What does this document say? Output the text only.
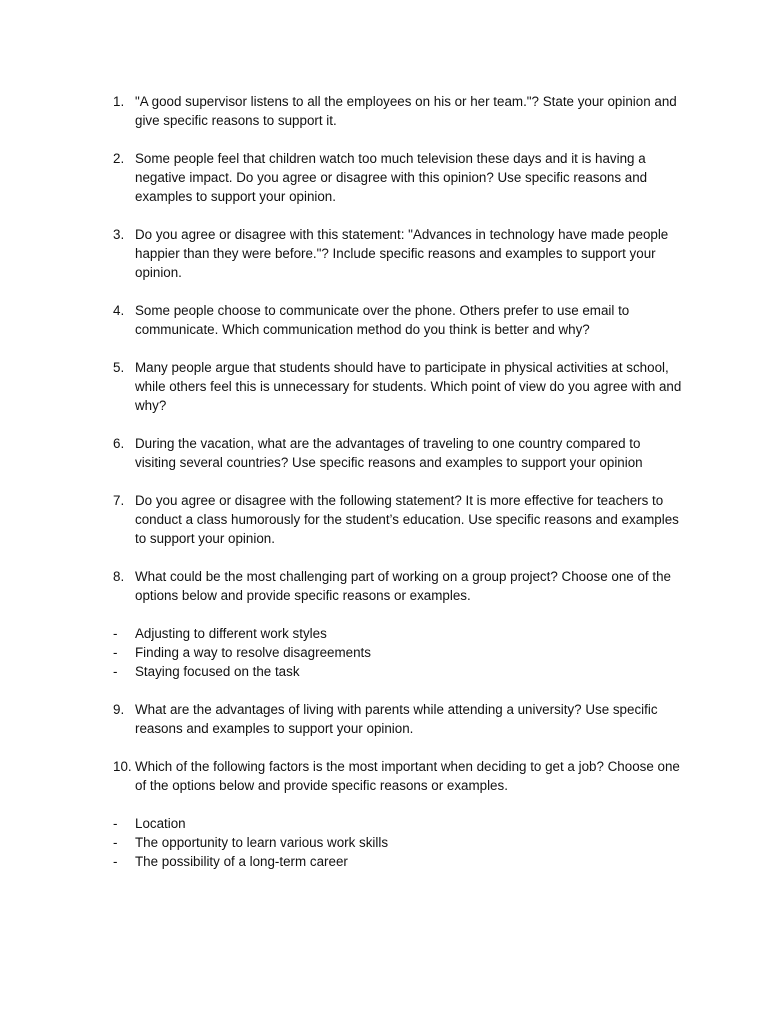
1. "A good supervisor listens to all the employees on his or her team."? State your opinion and give specific reasons to support it.
2. Some people feel that children watch too much television these days and it is having a negative impact. Do you agree or disagree with this opinion? Use specific reasons and examples to support your opinion.
3. Do you agree or disagree with this statement: "Advances in technology have made people happier than they were before."? Include specific reasons and examples to support your opinion.
4. Some people choose to communicate over the phone. Others prefer to use email to communicate. Which communication method do you think is better and why?
5. Many people argue that students should have to participate in physical activities at school, while others feel this is unnecessary for students. Which point of view do you agree with and why?
6. During the vacation, what are the advantages of traveling to one country compared to visiting several countries? Use specific reasons and examples to support your opinion
7. Do you agree or disagree with the following statement? It is more effective for teachers to conduct a class humorously for the student’s education. Use specific reasons and examples to support your opinion.
8. What could be the most challenging part of working on a group project? Choose one of the options below and provide specific reasons or examples.
-	Adjusting to different work styles
-	Finding a way to resolve disagreements
-	Staying focused on the task
9. What are the advantages of living with parents while attending a university? Use specific reasons and examples to support your opinion.
10. Which of the following factors is the most important when deciding to get a job? Choose one of the options below and provide specific reasons or examples.
-	Location
-	The opportunity to learn various work skills
-	The possibility of a long-term career
